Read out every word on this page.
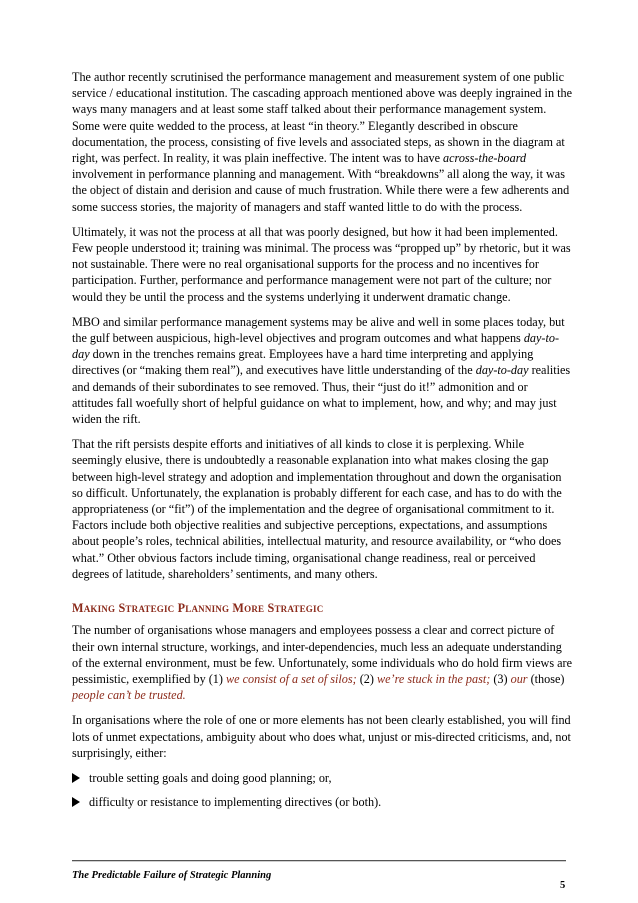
The author recently scrutinised the performance management and measurement system of one public service / educational institution. The cascading approach mentioned above was deeply ingrained in the ways many managers and at least some staff talked about their performance management system. Some were quite wedded to the process, at least “in theory.” Elegantly described in obscure documentation, the process, consisting of five levels and associated steps, as shown in the diagram at right, was perfect. In reality, it was plain ineffective. The intent was to have across-the-board involvement in performance planning and management. With “breakdowns” all along the way, it was the object of distain and derision and cause of much frustration. While there were a few adherents and some success stories, the majority of managers and staff wanted little to do with the process.

Ultimately, it was not the process at all that was poorly designed, but how it had been implemented. Few people understood it; training was minimal. The process was “propped up” by rhetoric, but it was not sustainable. There were no real organisational supports for the process and no incentives for participation. Further, performance and performance management were not part of the culture; nor would they be until the process and the systems underlying it underwent dramatic change.

MBO and similar performance management systems may be alive and well in some places today, but the gulf between auspicious, high-level objectives and program outcomes and what happens day-to-day down in the trenches remains great. Employees have a hard time interpreting and applying directives (or “making them real”), and executives have little understanding of the day-to-day realities and demands of their subordinates to see removed. Thus, their “just do it!” admonition and or attitudes fall woefully short of helpful guidance on what to implement, how, and why; and may just widen the rift.

That the rift persists despite efforts and initiatives of all kinds to close it is perplexing. While seemingly elusive, there is undoubtedly a reasonable explanation into what makes closing the gap between high-level strategy and adoption and implementation throughout and down the organisation so difficult. Unfortunately, the explanation is probably different for each case, and has to do with the appropriateness (or “fit”) of the implementation and the degree of organisational commitment to it. Factors include both objective realities and subjective perceptions, expectations, and assumptions about people’s roles, technical abilities, intellectual maturity, and resource availability, or “who does what.” Other obvious factors include timing, organisational change readiness, real or perceived degrees of latitude, shareholders’ sentiments, and many others.

Making Strategic Planning More Strategic

The number of organisations whose managers and employees possess a clear and correct picture of their own internal structure, workings, and inter-dependencies, much less an adequate understanding of the external environment, must be few. Unfortunately, some individuals who do hold firm views are pessimistic, exemplified by (1) we consist of a set of silos; (2) we’re stuck in the past; (3) our (those) people can’t be trusted.

In organisations where the role of one or more elements has not been clearly established, you will find lots of unmet expectations, ambiguity about who does what, unjust or mis-directed criticisms, and, not surprisingly, either:

trouble setting goals and doing good planning; or,
difficulty or resistance to implementing directives (or both).
The Predictable Failure of Strategic Planning
5
